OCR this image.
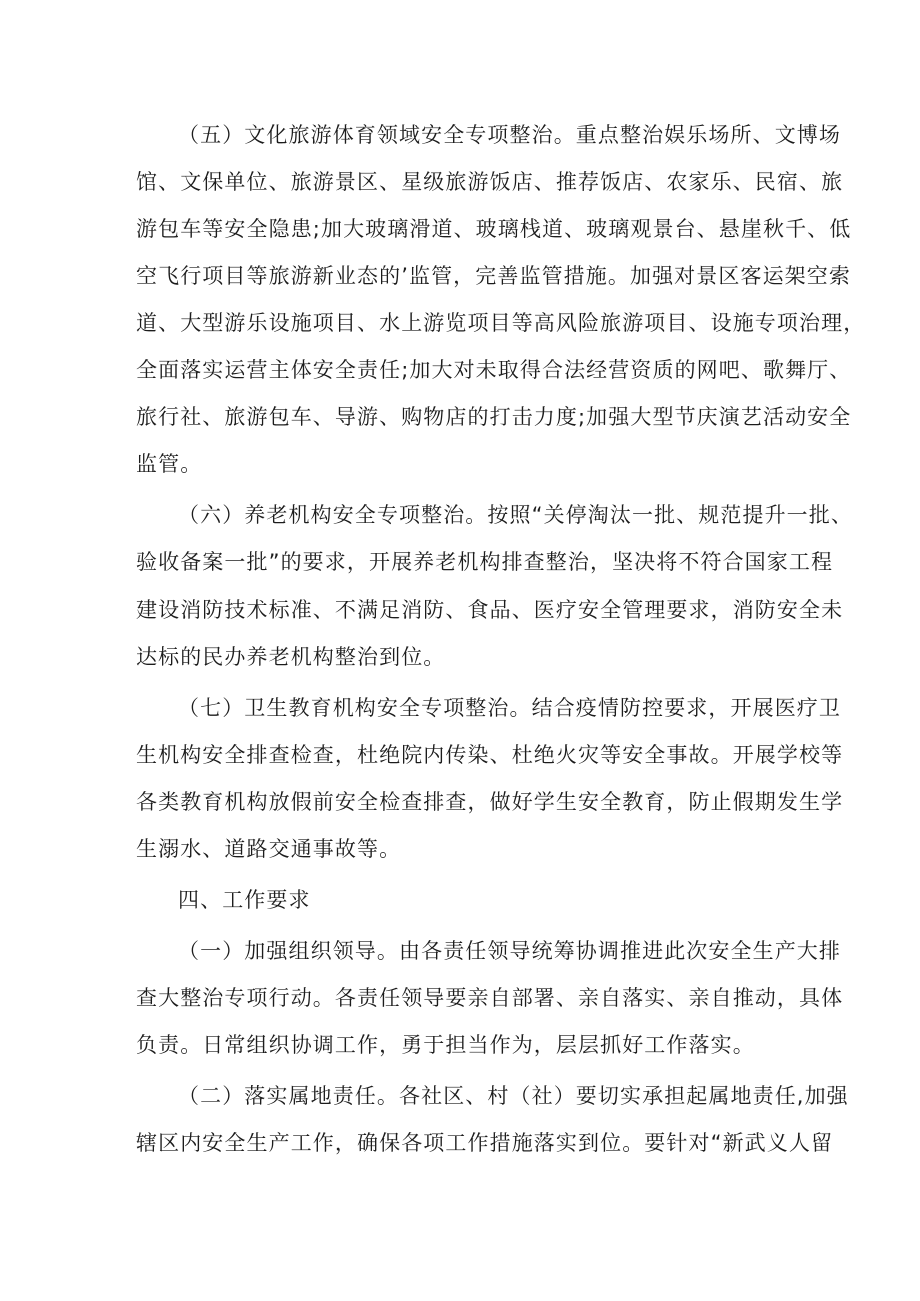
（五）文化旅游体育领域安全专项整治。重点整治娱乐场所、文博场
馆、文保单位、旅游景区、星级旅游饭店、推荐饭店、农家乐、民宿、旅
游包车等安全隐患;加大玻璃滑道、玻璃栈道、玻璃观景台、悬崖秋千、低
空飞行项目等旅游新业态的’监管，完善监管措施。加强对景区客运架空索
道、大型游乐设施项目、水上游览项目等高风险旅游项目、设施专项治理，
全面落实运营主体安全责任;加大对未取得合法经营资质的网吧、歌舞厅、
旅行社、旅游包车、导游、购物店的打击力度;加强大型节庆演艺活动安全
监管。
（六）养老机构安全专项整治。按照“关停淘汰一批、规范提升一批、
验收备案一批”的要求，开展养老机构排查整治，坚决将不符合国家工程
建设消防技术标准、不满足消防、食品、医疗安全管理要求，消防安全未
达标的民办养老机构整治到位。
（七）卫生教育机构安全专项整治。结合疫情防控要求，开展医疗卫
生机构安全排查检查，杜绝院内传染、杜绝火灾等安全事故。开展学校等
各类教育机构放假前安全检查排查，做好学生安全教育，防止假期发生学
生溺水、道路交通事故等。
四、工作要求
（一）加强组织领导。由各责任领导统筹协调推进此次安全生产大排
查大整治专项行动。各责任领导要亲自部署、亲自落实、亲自推动，具体
负责。日常组织协调工作，勇于担当作为，层层抓好工作落实。
（二）落实属地责任。各社区、村（社）要切实承担起属地责任,加强
辖区内安全生产工作，确保各项工作措施落实到位。要针对“新武义人留
